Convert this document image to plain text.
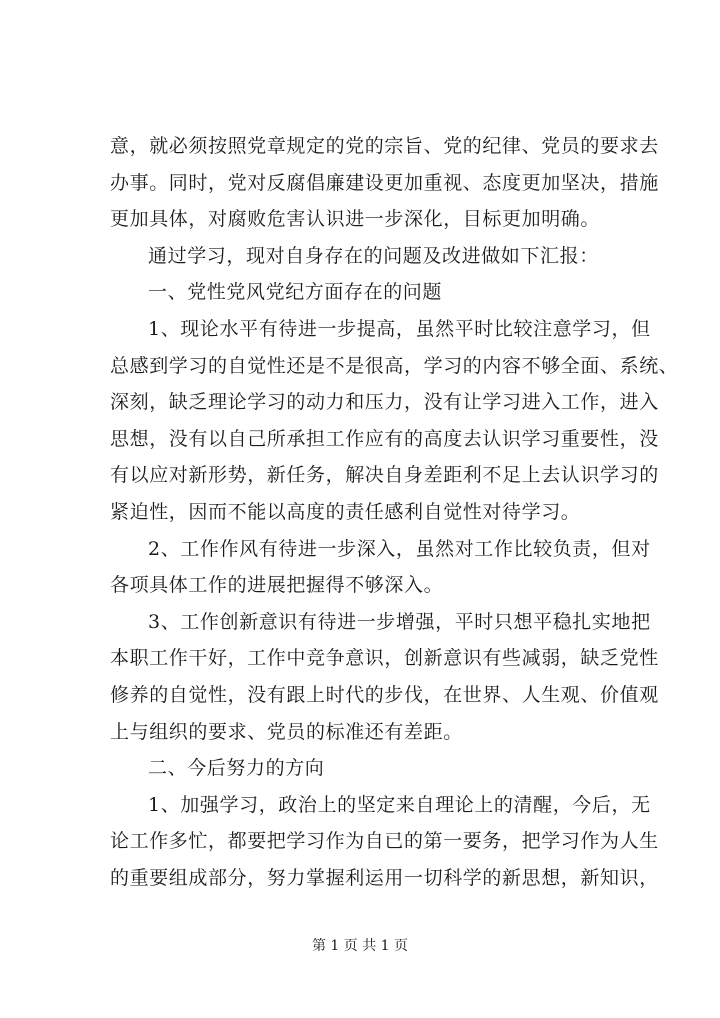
意，就必须按照党章规定的党的宗旨、党的纪律、党员的要求去
办事。同时，党对反腐倡廉建设更加重视、态度更加坚决，措施
更加具体，对腐败危害认识进一步深化，目标更加明确。
通过学习，现对自身存在的问题及改进做如下汇报：
一、党性党风党纪方面存在的问题
1、现论水平有待进一步提高，虽然平时比较注意学习，但
总感到学习的自觉性还是不是很高，学习的内容不够全面、系统、
深刻，缺乏理论学习的动力和压力，没有让学习进入工作，进入
思想，没有以自己所承担工作应有的高度去认识学习重要性，没
有以应对新形势，新任务，解决自身差距利不足上去认识学习的
紧迫性，因而不能以高度的责任感利自觉性对待学习。
2、工作作风有待进一步深入，虽然对工作比较负责，但对
各项具体工作的进展把握得不够深入。
3、工作创新意识有待进一步增强，平时只想平稳扎实地把
本职工作干好，工作中竞争意识，创新意识有些减弱，缺乏党性
修养的自觉性，没有跟上时代的步伐，在世界、人生观、价值观
上与组织的要求、党员的标准还有差距。
二、今后努力的方向
1、加强学习，政治上的坚定来自理论上的清醒，今后，无
论工作多忙，都要把学习作为自已的第一要务，把学习作为人生
的重要组成部分，努力掌握利运用一切科学的新思想，新知识，
第 1 页 共 1 页
